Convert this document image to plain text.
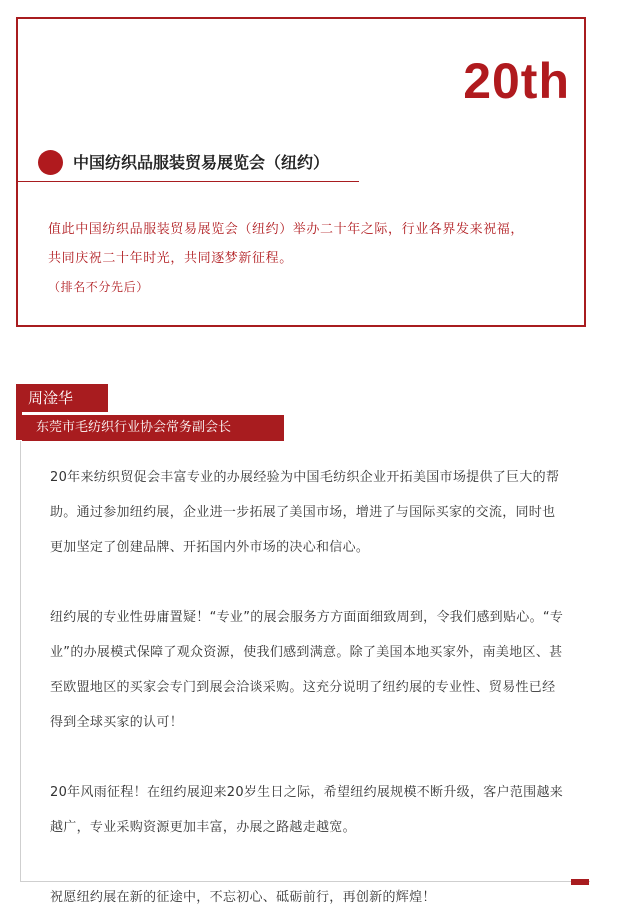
20th
中国纺织品服装贸易展览会（纽约）
值此中国纺织品服装贸易展览会（纽约）举办二十年之际，行业各界发来祝福，
共同庆祝二十年时光，共同逐梦新征程。
（排名不分先后）
周淦华
东莞市毛纺织行业协会常务副会长

20年来纺织贸促会丰富专业的办展经验为中国毛纺织企业开拓美国市场提供了巨大的帮助。通过参加纽约展，企业进一步拓展了美国市场，增进了与国际买家的交流，同时也更加坚定了创建品牌、开拓国内外市场的决心和信心。

纽约展的专业性毋庸置疑！“专业”的展会服务方方面面细致周到，令我们感到贴心。“专业”的办展模式保障了观众资源，使我们感到满意。除了美国本地买家外，南美地区、甚至欧盟地区的买家会专门到展会洽谈采购。这充分说明了纽约展的专业性、贸易性已经得到全球买家的认可！

20年风雨征程！在纽约展迎来20岁生日之际，希望纽约展规模不断升级，客户范围越来越广，专业采购资源更加丰富，办展之路越走越宽。

祝愿纽约展在新的征途中，不忘初心、砥砺前行，再创新的辉煌！
